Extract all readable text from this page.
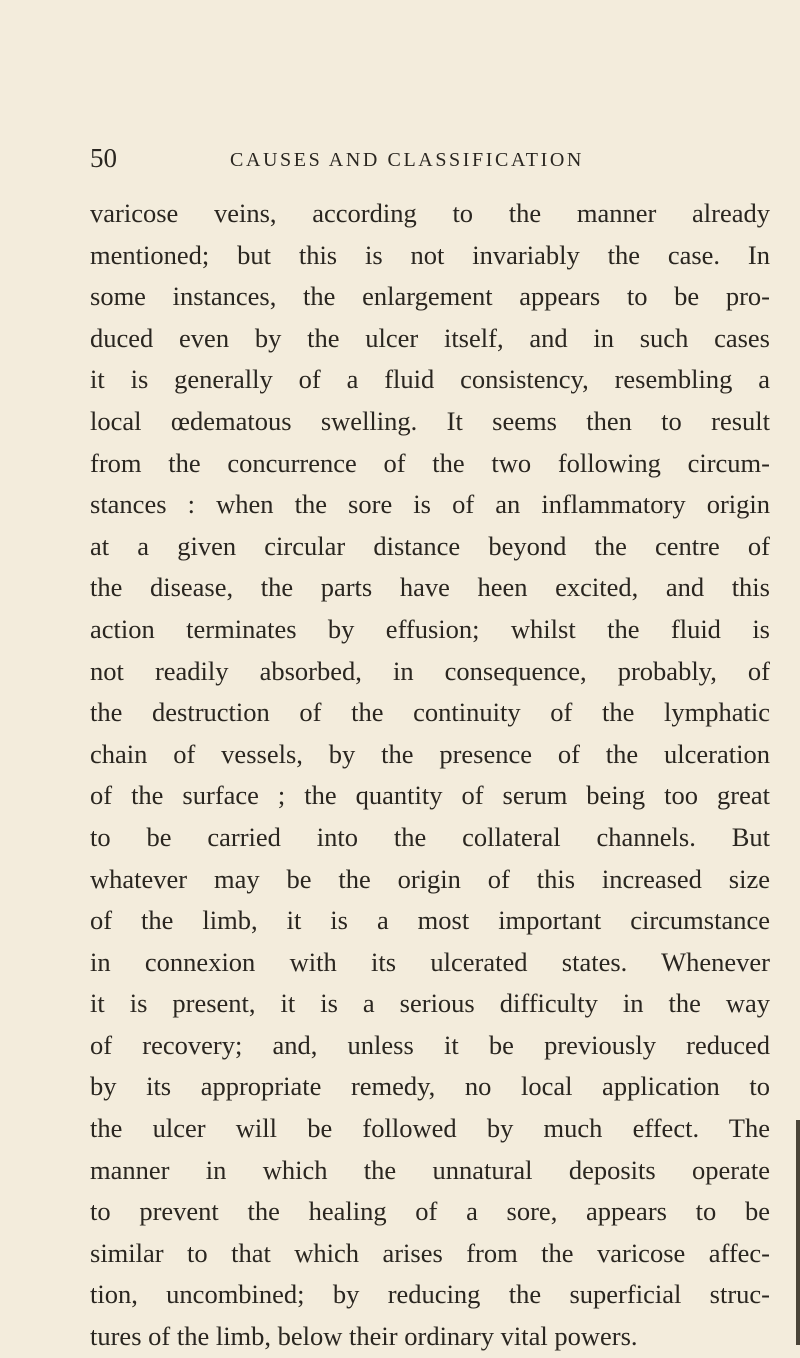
50	CAUSES AND CLASSIFICATION
varicose veins, according to the manner already
mentioned; but this is not invariably the case. In
some instances, the enlargement appears to be pro-
duced even by the ulcer itself, and in such cases
it is generally of a fluid consistency, resembling a
local œdematous swelling. It seems then to result
from the concurrence of the two following circum-
stances : when the sore is of an inflammatory origin
at a given circular distance beyond the centre of
the disease, the parts have heen excited, and this
action terminates by effusion; whilst the fluid is
not readily absorbed, in consequence, probably, of
the destruction of the continuity of the lymphatic
chain of vessels, by the presence of the ulceration
of the surface ; the quantity of serum being too great
to be carried into the collateral channels. But
whatever may be the origin of this increased size
of the limb, it is a most important circumstance
in connexion with its ulcerated states. Whenever
it is present, it is a serious difficulty in the way
of recovery; and, unless it be previously reduced
by its appropriate remedy, no local application to
the ulcer will be followed by much effect. The
manner in which the unnatural deposits operate
to prevent the healing of a sore, appears to be
similar to that which arises from the varicose affec-
tion, uncombined; by reducing the superficial struc-
tures of the limb, below their ordinary vital powers.
